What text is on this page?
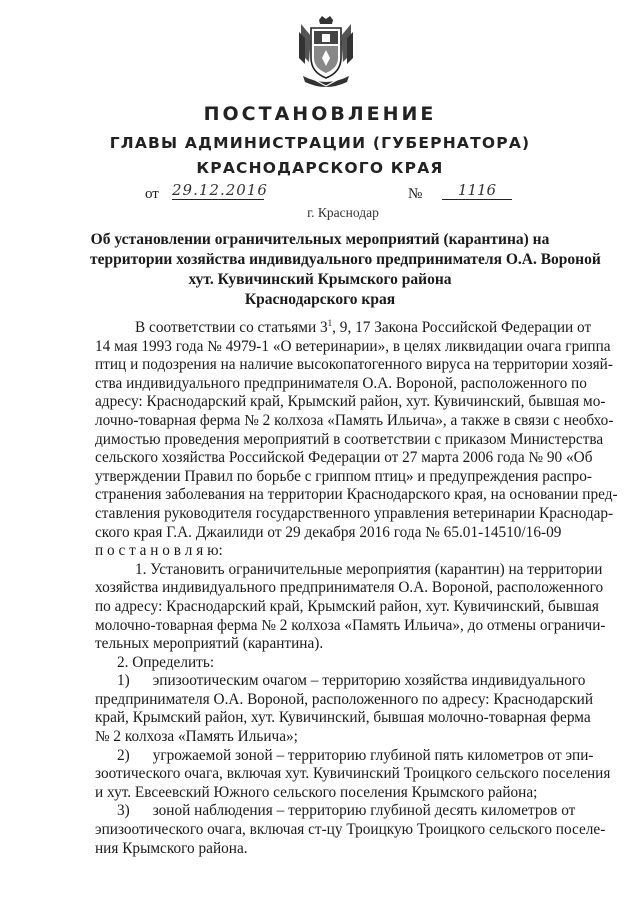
ПОСТАНОВЛЕНИЕ
ГЛАВЫ АДМИНИСТРАЦИИ (ГУБЕРНАТОРА)
КРАСНОДАРСКОГО КРАЯ
от 29.12.2016	№	1116
г. Краснодар
Об установлении ограничительных мероприятий (карантина) на
территории хозяйства индивидуального предпринимателя О.А. Вороной
хут. Кувичинский Крымского района
Краснодарского края
В соответствии со статьями $3^1$, 9, 17 Закона Российской Федерации от
14 мая 1993 года № 4979-1 «О ветеринарии», в целях ликвидации очага гриппа
птиц и подозрения на наличие высокопатогенного вируса на территории хозяй-
ства индивидуального предпринимателя О.А. Вороной, расположенного по
адресу: Краснодарский край, Крымский район, хут. Кувичинский, бывшая мо-
лочно-товарная ферма № 2 колхоза «Память Ильича», а также в связи с необхо-
димостью проведения мероприятий в соответствии с приказом Министерства
сельского хозяйства Российской Федерации от 27 марта 2006 года № 90 «Об
утверждении Правил по борьбе с гриппом птиц» и предупреждения распро-
странения заболевания на территории Краснодарского края, на основании пред-
ставления руководителя государственного управления ветеринарии Краснодар-
ского края Г.А. Джаилиди от 29 декабря 2016 года № 65.01-14510/16-09
п о с т а н о в л я ю:
1. Установить ограничительные мероприятия (карантин) на территории
хозяйства индивидуального предпринимателя О.А. Вороной, расположенного
по адресу: Краснодарский край, Крымский район, хут. Кувичинский, бывшая
молочно-товарная ферма № 2 колхоза «Память Ильича», до отмены ограничи-
тельных мероприятий (карантина).
2. Определить:
1)      эпизоотическим очагом – территорию хозяйства индивидуального
предпринимателя О.А. Вороной, расположенного по адресу: Краснодарский
край, Крымский район, хут. Кувичинский, бывшая молочно-товарная ферма
№ 2 колхоза «Память Ильича»;
2)      угрожаемой зоной – территорию глубиной пять километров от эпи-
зоотического очага, включая хут. Кувичинский Троицкого сельского поселения
и хут. Евсеевский Южного сельского поселения Крымского района;
3)      зоной наблюдения – территорию глубиной десять километров от
эпизоотического очага, включая ст-цу Троицкую Троицкого сельского поселе-
ния Крымского района.
